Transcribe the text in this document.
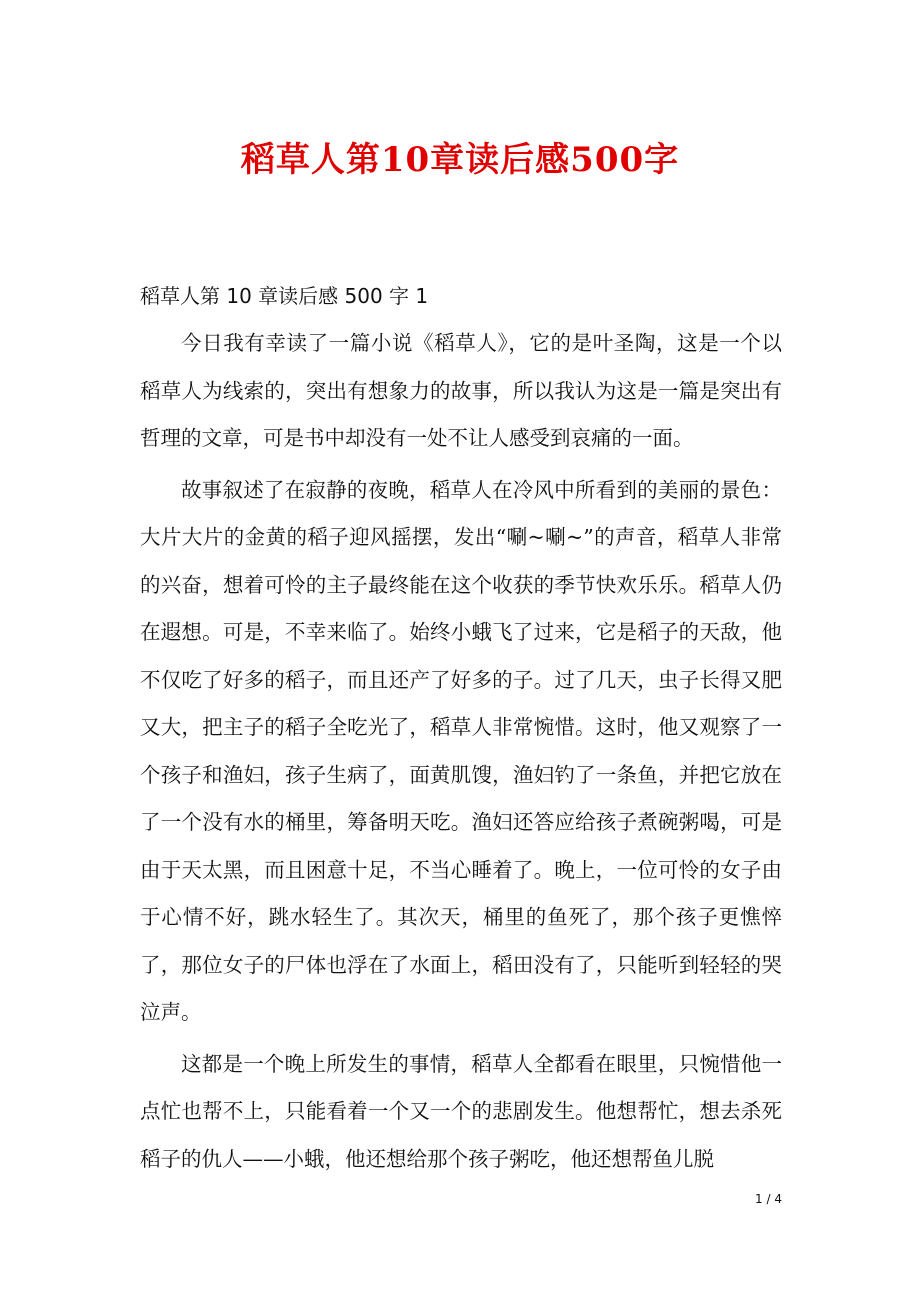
稻草人第10章读后感500字

稻草人第 10 章读后感 500 字 1

今日我有幸读了一篇小说《稻草人》，它的是叶圣陶，这是一个以稻草人为线索的，突出有想象力的故事，所以我认为这是一篇是突出有哲理的文章，可是书中却没有一处不让人感受到哀痛的一面。

故事叙述了在寂静的夜晚，稻草人在冷风中所看到的美丽的景色：大片大片的金黄的稻子迎风摇摆，发出“唰~唰~”的声音，稻草人非常的兴奋，想着可怜的主子最终能在这个收获的季节快欢乐乐。稻草人仍在遐想。可是，不幸来临了。始终小蛾飞了过来，它是稻子的天敌，他不仅吃了好多的稻子，而且还产了好多的子。过了几天，虫子长得又肥又大，把主子的稻子全吃光了，稻草人非常惋惜。这时，他又观察了一个孩子和渔妇，孩子生病了，面黄肌馊，渔妇钓了一条鱼，并把它放在了一个没有水的桶里，筹备明天吃。渔妇还答应给孩子煮碗粥喝，可是由于天太黑，而且困意十足，不当心睡着了。晚上，一位可怜的女子由于心情不好，跳水轻生了。其次天，桶里的鱼死了，那个孩子更憔悴了，那位女子的尸体也浮在了水面上，稻田没有了，只能听到轻轻的哭泣声。

这都是一个晚上所发生的事情，稻草人全都看在眼里，只惋惜他一点忙也帮不上，只能看着一个又一个的悲剧发生。他想帮忙，想去杀死稻子的仇人——小蛾，他还想给那个孩子粥吃，他还想帮鱼儿脱

1 / 4
